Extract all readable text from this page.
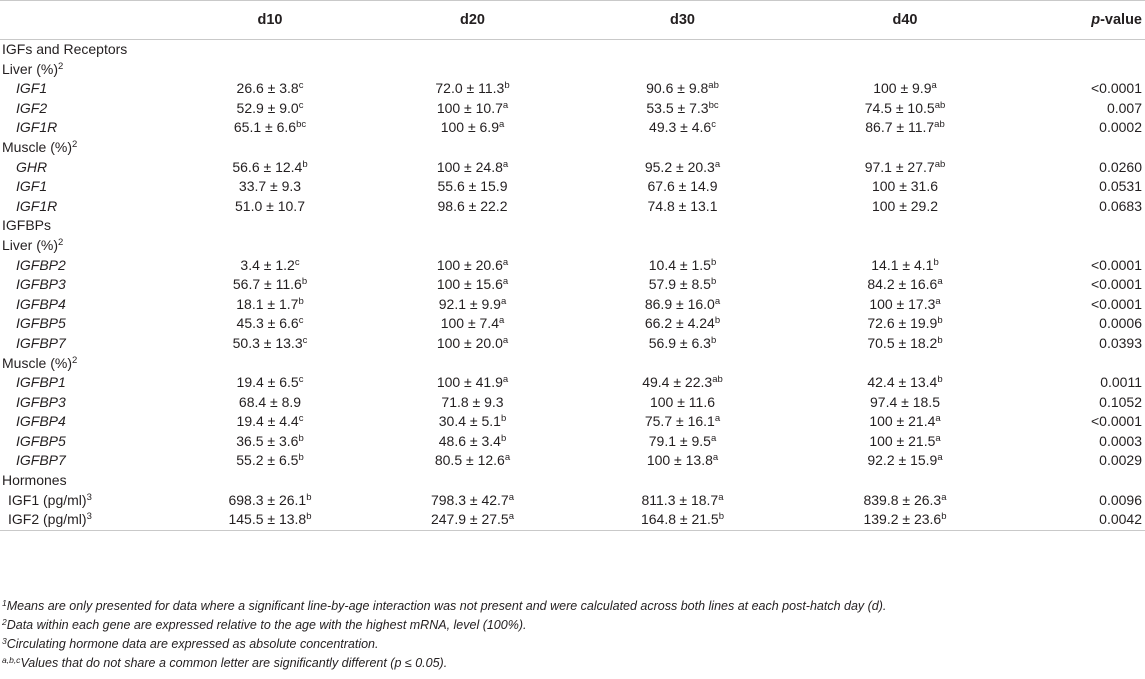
	d10	d20	d30	d40	p-value
IGFs and Receptors					
Liver (%)$^2$
IGF1	26.6 ± 3.8$^c$	72.0 ± 11.3$^b$	90.6 ± 9.8$^{ab}$	100 ± 9.9$^a$	<0.0001
IGF2	52.9 ± 9.0$^c$	100 ± 10.7$^a$	53.5 ± 7.3$^{bc}$	74.5 ± 10.5$^{ab}$	0.007
IGF1R	65.1 ± 6.6$^{bc}$	100 ± 6.9$^a$	49.3 ± 4.6$^c$	86.7 ± 11.7$^{ab}$	0.0002
Muscle (%)$^2$
GHR	56.6 ± 12.4$^b$	100 ± 24.8$^a$	95.2 ± 20.3$^a$	97.1 ± 27.7$^{ab}$	0.0260
IGF1	33.7 ± 9.3	55.6 ± 15.9	67.6 ± 14.9	100 ± 31.6	0.0531
IGF1R	51.0 ± 10.7	98.6 ± 22.2	74.8 ± 13.1	100 ± 29.2	0.0683
IGFBPs					
Liver (%)$^2$
IGFBP2	3.4 ± 1.2$^c$	100 ± 20.6$^a$	10.4 ± 1.5$^b$	14.1 ± 4.1$^b$	<0.0001
IGFBP3	56.7 ± 11.6$^b$	100 ± 15.6$^a$	57.9 ± 8.5$^b$	84.2 ± 16.6$^a$	<0.0001
IGFBP4	18.1 ± 1.7$^b$	92.1 ± 9.9$^a$	86.9 ± 16.0$^a$	100 ± 17.3$^a$	<0.0001
IGFBP5	45.3 ± 6.6$^c$	100 ± 7.4$^a$	66.2 ± 4.24$^b$	72.6 ± 19.9$^b$	0.0006
IGFBP7	50.3 ± 13.3$^c$	100 ± 20.0$^a$	56.9 ± 6.3$^b$	70.5 ± 18.2$^b$	0.0393
Muscle (%)$^2$
IGFBP1	19.4 ± 6.5$^c$	100 ± 41.9$^a$	49.4 ± 22.3$^{ab}$	42.4 ± 13.4$^b$	0.0011
IGFBP3	68.4 ± 8.9	71.8 ± 9.3	100 ± 11.6	97.4 ± 18.5	0.1052
IGFBP4	19.4 ± 4.4$^c$	30.4 ± 5.1$^b$	75.7 ± 16.1$^a$	100 ± 21.4$^a$	<0.0001
IGFBP5	36.5 ± 3.6$^b$	48.6 ± 3.4$^b$	79.1 ± 9.5$^a$	100 ± 21.5$^a$	0.0003
IGFBP7	55.2 ± 6.5$^b$	80.5 ± 12.6$^a$	100 ± 13.8$^a$	92.2 ± 15.9$^a$	0.0029
Hormones					
IGF1 $(pg/ml)^3$	698.3 ± 26.1$^b$	798.3 ± 42.7$^a$	811.3 ± 18.7$^a$	839.8 ± 26.3$^a$	0.0096
IGF2 $(pg/ml)^3$	145.5 ± 13.8$^b$	247.9 ± 27.5$^a$	164.8 ± 21.5$^b$	139.2 ± 23.6$^b$	0.0042
$^1$Means are only presented for data where a significant line-by-age interaction was not present and were calculated across both lines at each post-hatch day (d).
$^2$Data within each gene are expressed relative to the age with the highest mRNA, level (100%).
$^3$Circulating hormone data are expressed as absolute concentration.
$^{a,b,c}$Values that do not share a common letter are significantly different (p ≤ 0.05).
